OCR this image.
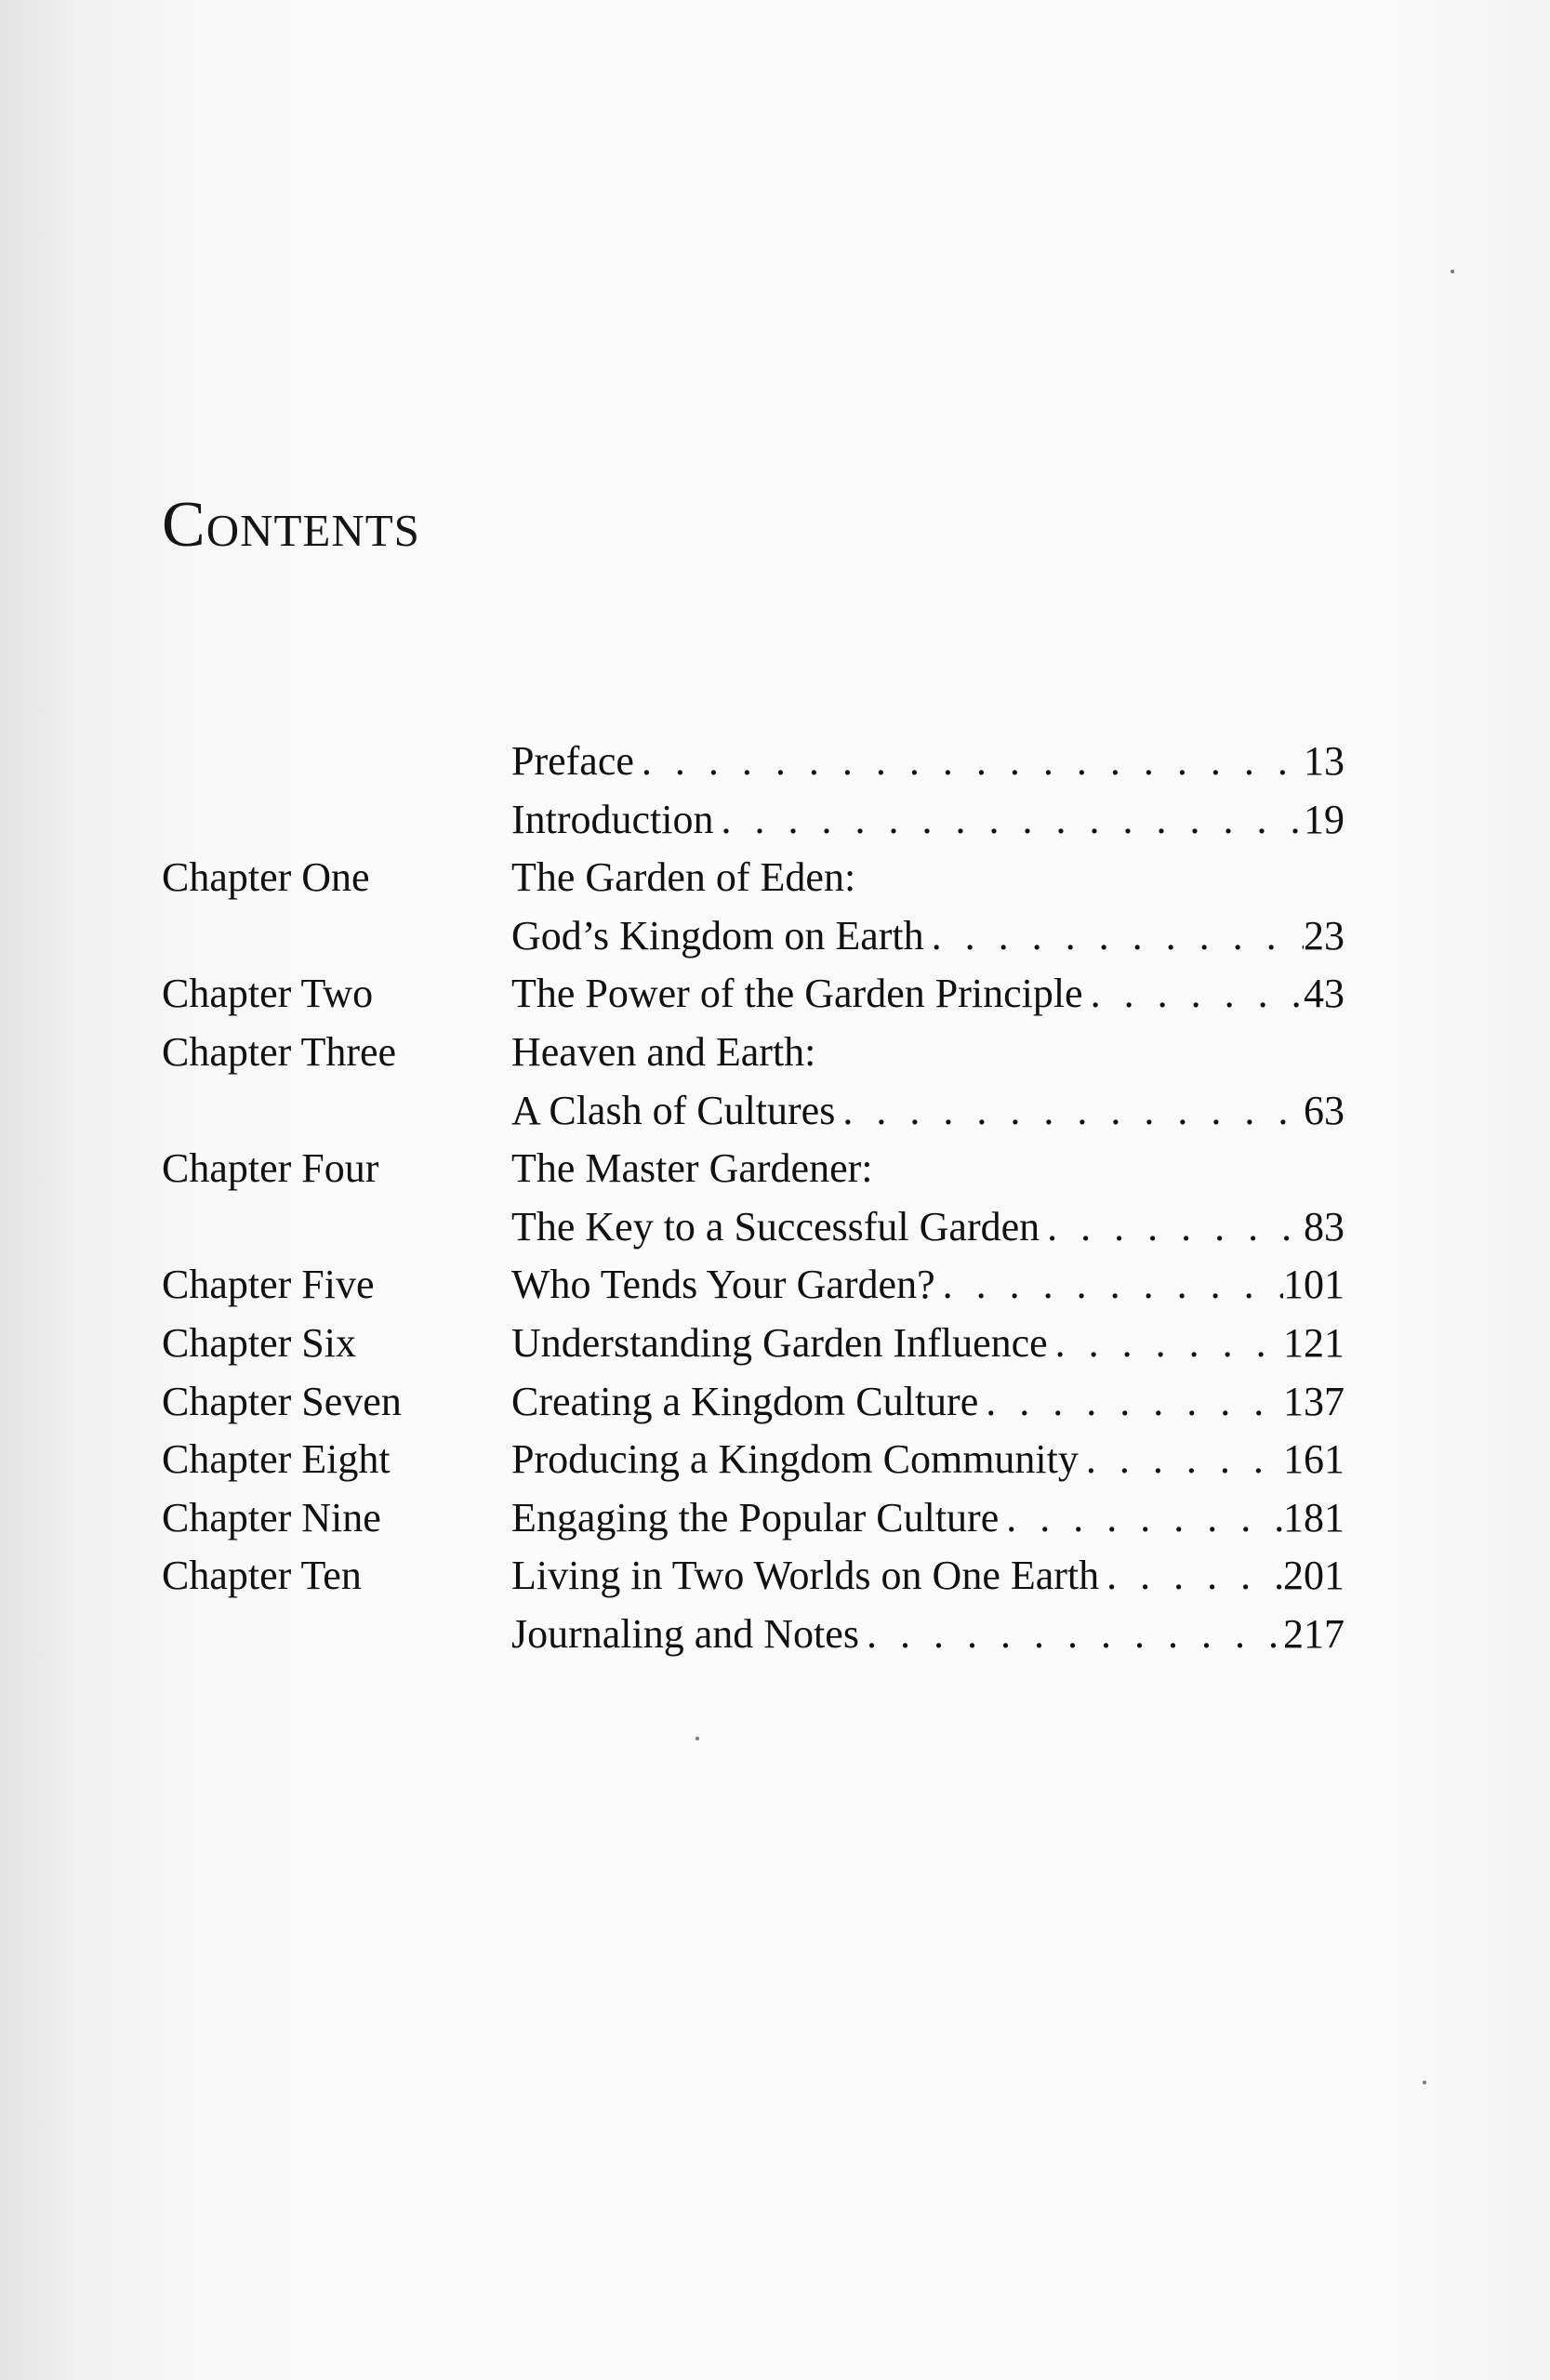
Contents
Preface . . .	13
Introduction . . .	19
Chapter One	The Garden of Eden:
God’s Kingdom on Earth . . .	23
Chapter Two	The Power of the Garden Principle . . .	43
Chapter Three	Heaven and Earth:
A Clash of Cultures . . .	63
Chapter Four	The Master Gardener:
The Key to a Successful Garden . . .	83
Chapter Five	Who Tends Your Garden? . . .	101
Chapter Six	Understanding Garden Influence . . .	121
Chapter Seven	Creating a Kingdom Culture . . .	137
Chapter Eight	Producing a Kingdom Community . . .	161
Chapter Nine	Engaging the Popular Culture . . .	181
Chapter Ten	Living in Two Worlds on One Earth . . .	201
Journaling and Notes . . .	217
